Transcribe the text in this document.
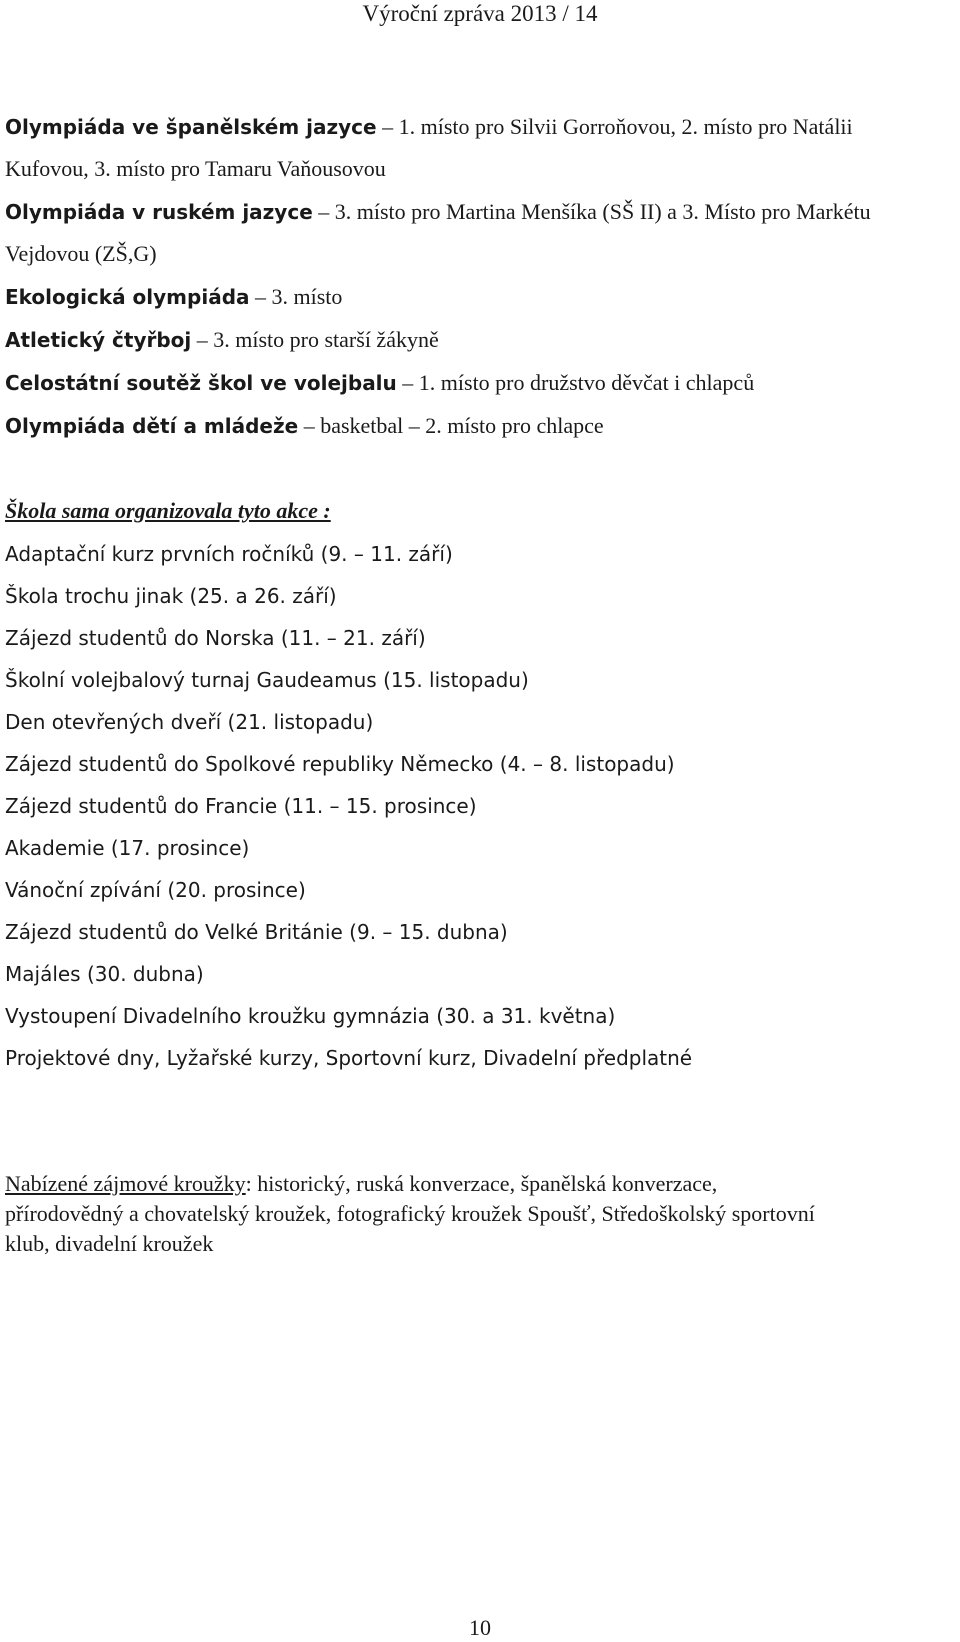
Výroční zpráva 2013 / 14
Olympiáda ve španělském jazyce – 1. místo pro Silvii Gorroňovou, 2. místo pro Natálii
Kufovou, 3. místo pro Tamaru Vaňousovou
Olympiáda v ruském jazyce – 3. místo pro Martina Menšíka (SŠ II) a 3. Místo pro Markétu
Vejdovou (ZŠ,G)
Ekologická olympiáda – 3. místo
Atletický čtyřboj – 3. místo pro starší žákyně
Celostátní soutěž škol ve volejbalu – 1. místo pro družstvo děvčat i chlapců
Olympiáda dětí a mládeže – basketbal – 2. místo pro chlapce
Škola sama organizovala tyto akce :
Adaptační kurz prvních ročníků (9. – 11. září)
Škola trochu jinak (25. a 26. září)
Zájezd studentů do Norska (11. – 21. září)
Školní volejbalový turnaj Gaudeamus (15. listopadu)
Den otevřených dveří (21. listopadu)
Zájezd studentů do Spolkové republiky Německo (4. – 8. listopadu)
Zájezd studentů do Francie (11. – 15. prosince)
Akademie (17. prosince)
Vánoční zpívání (20. prosince)
Zájezd studentů do Velké Británie (9. – 15. dubna)
Majáles (30. dubna)
Vystoupení Divadelního kroužku gymnázia (30. a 31. května)
Projektové dny, Lyžařské kurzy, Sportovní kurz, Divadelní předplatné
Nabízené zájmové kroužky: historický, ruská konverzace, španělská konverzace,
přírodovědný a chovatelský kroužek, fotografický kroužek Spoušť, Středoškolský sportovní
klub, divadelní kroužek
10
